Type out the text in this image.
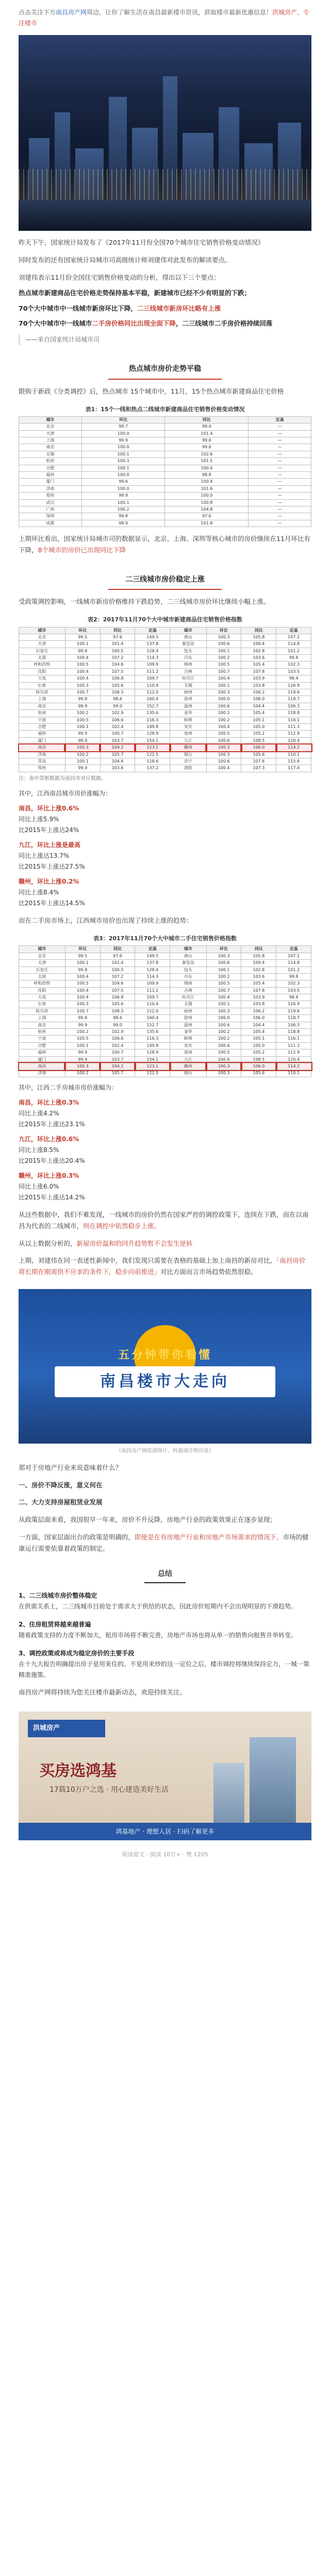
点击关注下方南昌房产网周边，让你了解生活在南昌最新楼市资讯，获取楼市最新优惠信息！洪城房产，专注楼市

昨天下午，国家统计局发布了《2017年11月份全国70个城市住宅销售价格变动情况》

同时发布的还有国家统计局城市司高级统计师刘建伟对此发布的解读要点。

刘建伟表示11月份全国住宅销售价格变动的分析，得出以下三个要点：

热点城市新建商品住宅价格走势保持基本平稳，新建城市已经不少有明显的下跌；
70个大中城市中一线城市新房环比下降，二三线城市新房环比略有上涨
70个大中城市中一线城市二手房价格同比出现全面下降，二三线城市二手房价格持续回落
——来自国家统计局城市司
热点城市房价走势平稳

限购于新政《分类调控》后，热点城市 15个城市中，11月，15个热点城市新建商品住宅价格

表1：15个一线和热点二线城市新建商品住宅销售价格变动情况
城市	环比	同比	定基
北京	99.7	99.4	—
天津	100.0	101.4	—
上海	99.9	99.6	—
南京	100.0	99.6	—
无锡	100.1	102.6	—
杭州	100.3	101.5	—
合肥	100.1	100.4	—
福州	100.0	98.8	—
厦门	99.6	100.4	—
济南	100.0	101.6	—
郑州	99.9	100.0	—
武汉	100.1	100.8	—
广州	100.2	104.8	—
深圳	99.8	97.6	—
成都	99.9	101.8	—

上期环比看出，国家统计局城市司的数据显示，北京、上海、深圳等核心城市的房价继续在11月环比有下降，8个城市的房价已出现同比下降

二三线城市房价稳定上涨

受政策调控影响，一线城市新房价格维持下跌趋势，二三线城市房价环比继续小幅上涨。

表2：2017年11月70个大中城市新建商品住宅销售价格指数
城市	环比	同比	定基	城市	环比	同比	定基
北京	99.5	97.6	149.5	唐山	100.3	105.8	107.1
天津	100.1	101.4	137.8	秦皇岛	100.6	109.4	114.8
石家庄	99.8	100.5	128.4	包头	100.1	102.8	101.2
太原	100.4	107.2	114.3	丹东	100.2	103.6	99.8
呼和浩特	100.5	104.6	109.9	锦州	100.5	105.4	102.3
沈阳	100.4	107.5	111.2	吉林	100.7	107.8	103.5
大连	100.4	106.8	109.7	牡丹江	100.4	103.9	98.4
长春	100.3	105.6	110.4	无锡	100.1	103.8	126.9
哈尔滨	100.7	108.3	112.0	扬州	100.3	106.2	119.6
上海	99.8	98.6	160.4	徐州	100.0	106.0	118.7
南京	99.9	99.0	152.7	温州	100.6	104.4	106.3
杭州	100.2	102.9	135.6	金华	100.2	105.4	118.8
宁波	100.5	106.6	116.3	蚌埠	100.2	105.1	116.1
合肥	100.1	102.4	149.8	安庆	100.4	105.0	111.3
福州	99.9	100.7	128.9	泉州	100.5	105.2	112.9
厦门	99.9	103.7	154.1	九江	100.6	108.5	120.4
南昌	100.3	104.2	123.1	赣州	100.3	106.0	114.2
济南	100.2	105.7	122.5	烟台	100.3	105.6	110.1
青岛	100.1	104.4	118.6	济宁	100.6	107.6	115.6
郑州	99.9	103.6	137.2	洛阳	100.4	107.3	117.4
注：表中带框数据为南昌市对应数据。
其中，江西南昌城市房价涨幅为：
南昌，环比上涨0.6%
同比上涨5.9%
比2015年上涨达24%
九江，环比上涨是最高
同比上涨达13.7%
比2015年上涨达27.5%
赣州，环比上涨0.2%
同比上涨8.4%
比2015年上涨达14.5%

而在二手房市场上，江西城市房价也出现了持续上涨的趋势：

表3：2017年11月70个大中城市二手住宅销售价格指数
城市	环比	同比	定基	城市	环比	同比	定基
北京	99.5	97.6	149.5	唐山	100.3	105.8	107.1
天津	100.1	101.4	137.8	秦皇岛	100.6	109.4	114.8
石家庄	99.8	100.5	128.4	包头	100.1	102.8	101.2
太原	100.4	107.2	114.3	丹东	100.2	103.6	99.8
呼和浩特	100.5	104.6	109.9	锦州	100.5	105.4	102.3
沈阳	100.4	107.5	111.2	吉林	100.7	107.8	103.5
大连	100.4	106.8	109.7	牡丹江	100.4	103.9	98.4
长春	100.3	105.6	110.4	无锡	100.1	103.8	126.9
哈尔滨	100.7	108.3	112.0	扬州	100.3	106.2	119.6
上海	99.8	98.6	160.4	徐州	100.0	106.0	118.7
南京	99.9	99.0	152.7	温州	100.6	104.4	106.3
杭州	100.2	102.9	135.6	金华	100.2	105.4	118.8
宁波	100.5	106.6	116.3	蚌埠	100.2	105.1	116.1
合肥	100.1	102.4	149.8	安庆	100.4	105.0	111.3
福州	99.9	100.7	128.9	泉州	100.5	105.2	112.9
厦门	99.9	103.7	154.1	九江	100.6	108.5	120.4
南昌	100.3	104.2	123.1	赣州	100.3	106.0	114.2
济南	100.2	105.7	122.5	烟台	100.3	105.6	110.1
其中，江西二手房城市房价涨幅为：
南昌，环比上涨0.3%
同比上涨4.2%
比2015年上涨达23.1%
九江，环比上涨0.6%
同比上涨8.5%
比2015年上涨达20.4%
赣州，环比上涨0.3%
同比上涨6.0%
比2015年上涨达14.2%

从这些数据中，我们不难发现，一线城市的房价仍然在国家严控的调控政策下，连续在下跌，而在以南昌为代表的二线城市，则在调控中依然稳步上涨。

从以上数据分析的，新屋房价温和的回升趋势暂不会发生逆转

上期，刘建伟在同一表述性新闻中，我们发现只需要在表格的基础上加上南昌的新房对比，「南昌房价将长期在刚需供不应求的条件下，稳步向前推进」对比方面而言市场趋势依然很稳。

五分钟带你看懂
南昌楼市大走向
（南昌房产网原创图片，转载请注明出处）

那对于房地产行业来说意味着什么？

一、房价不降反涨，意义何在

二、大力支持房屋租赁业发展

从政策层面来看，我国很早一年来，房价不升反降，房地产行业的政策效果正在逐步显现；

一方面，国家层面出台的政策是明确的，即使是在有房地产行业和房地产市场需求的情况下，市场的健康运行需要依靠着政策的制定。

总结
1、二三线城市房价整体稳定
在供需关系上，二三线城市目前处于需求大于供给的状态，因此房价短期内不会出现明显的下滑趋势。
2、住房租赁将越来越普遍
随着政策支持的力度不断加大，租房市场将不断完善，房地产市场也将从单一的销售向租售并举转变。
3、调控政策或将成为稳定房价的主要手段
在十九大报告明确提出房子是用来住的、不是用来炒的这一定位之后，楼市调控将继续保持定力，一城一策精准施策。

南昌房产网将持续为您关注楼市最新动态，欢迎持续关注。

洪城房产
买房选鸿基
17载10万户之选 · 用心建造美好生活
鸿基地产 · 理想人居 · 扫码了解更多
阅读原文 · 阅读 10万+ · 赞 1205
